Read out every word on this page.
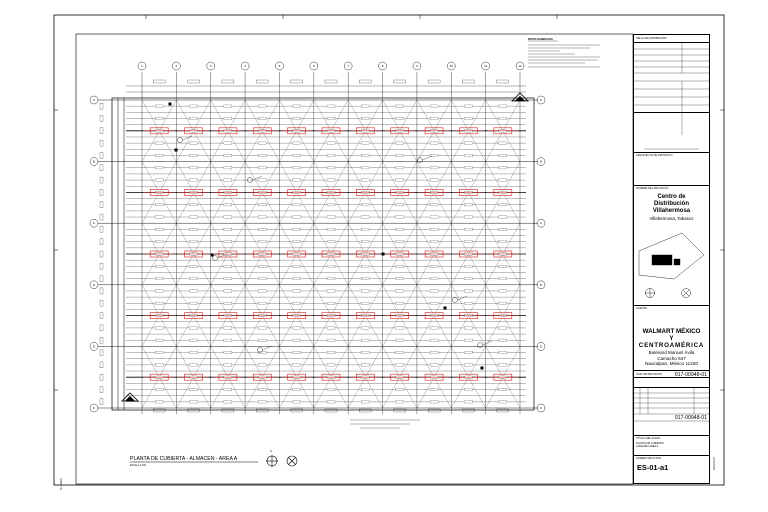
1	2	3	4	5	6	7	8	9	10	11	12
A	A
B	B
C	C
D	D
E	E
F	F
NOTAS GENERALES
PLANTA DE CUBIERTA - ALMACEN - AREA A
ESCALA 1:160
N
ALL SIZES
SELLO DE APROBACIÓN
ARQUITECTO DE PROYECTO
NOMBRE DEL PROYECTO
Centro de
Distribución
Villahermosa
Villahermosa, Tabasco
CLIENTE
WALMART MÉXICO
Y
CENTROAMÉRICA
Bulevard Manuel Ávila
Camacho 647
Naucalpan, México 11220
NÚM. DE PROYECTO 017-00948-01
017-00948-01
TÍTULO DEL PLANO
PLANTA DE CUBIERTA
ALMACEN AREA A
NÚMERO DE PLANO
ES-01-a1	2019-03-07
